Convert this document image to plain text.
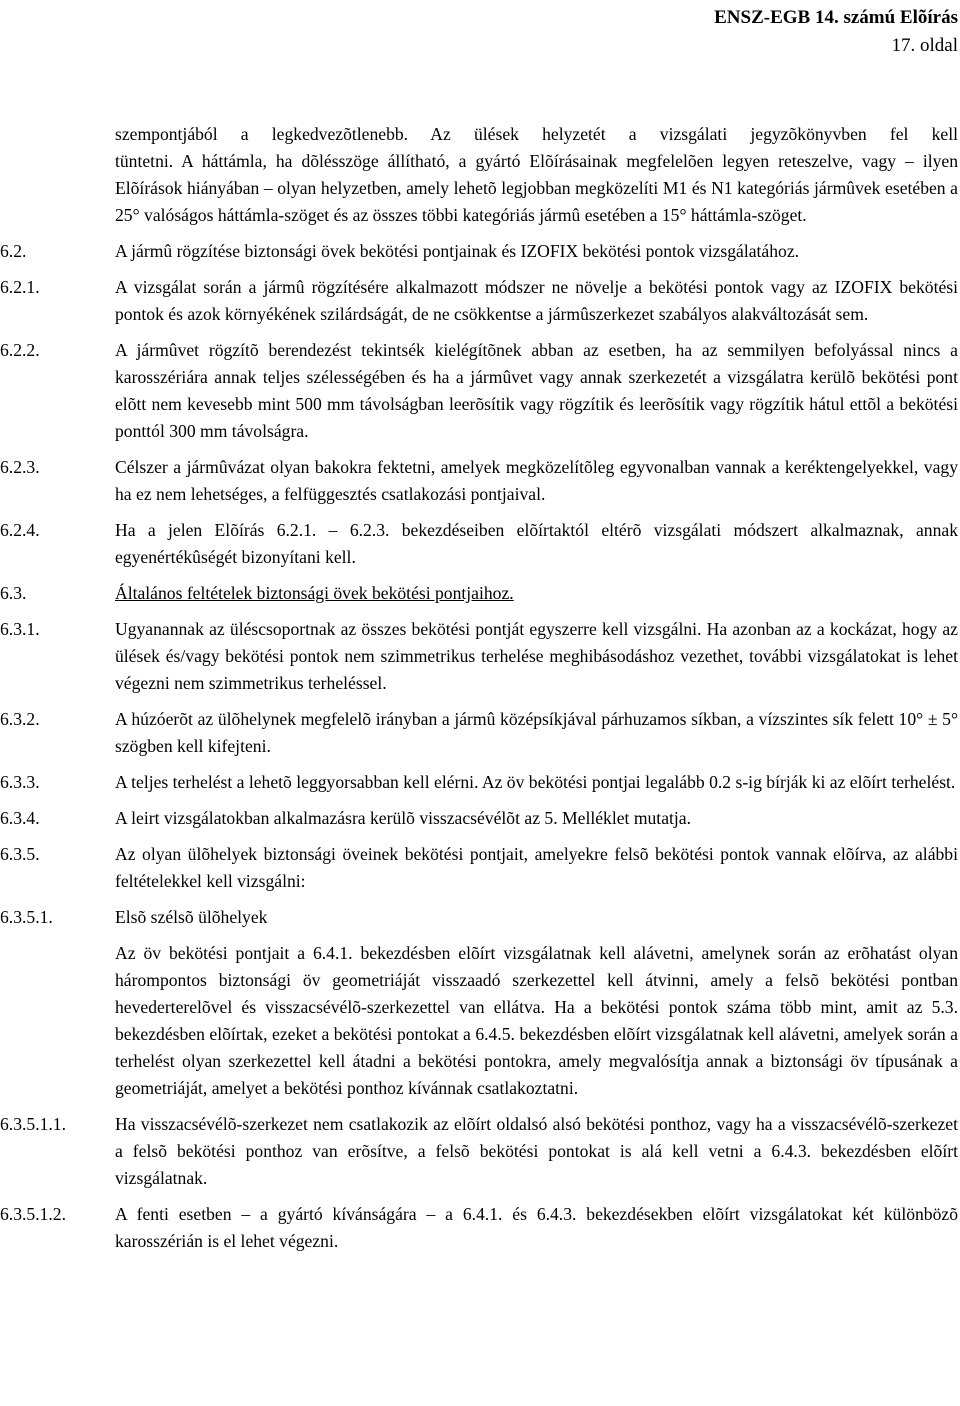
ENSZ-EGB 14. számú Elõírás
17. oldal
szempontjából a legkedvezõtlenebb. Az ülések helyzetét a vizsgálati jegyzõkönyvben fel kell
tüntetni. A háttámla, ha dõlésszöge állítható, a gyártó Elõírásainak megfelelõen legyen reteszelve, vagy – ilyen Elõírások hiányában – olyan helyzetben, amely lehetõ legjobban megközelíti M1 és N1 kategóriás jármûvek esetében a 25° valóságos háttámla-szöget és az összes többi kategóriás jármû esetében a 15° háttámla-szöget.
6.2.	A jármû rögzítése biztonsági övek bekötési pontjainak és IZOFIX bekötési pontok vizsgálatához.
6.2.1.	A vizsgálat során a jármû rögzítésére alkalmazott módszer ne növelje a bekötési pontok vagy az IZOFIX bekötési pontok és azok környékének szilárdságát, de ne csökkentse a jármûszerkezet szabályos alakváltozását sem.
6.2.2.	A jármûvet rögzítõ berendezést tekintsék kielégítõnek abban az esetben, ha az semmilyen befolyással nincs a karosszériára annak teljes szélességében és ha a jármûvet vagy annak szerkezetét a vizsgálatra kerülõ bekötési pont elõtt nem kevesebb mint 500 mm távolságban leerõsítik vagy rögzítik és leerõsítik vagy rögzítik hátul ettõl a bekötési ponttól 300 mm távolságra.
6.2.3.	Célszer a jármûvázat olyan bakokra fektetni, amelyek megközelítõleg egyvonalban vannak a keréktengelyekkel, vagy ha ez nem lehetséges, a felfüggesztés csatlakozási pontjaival.
6.2.4.	Ha a jelen Elõírás 6.2.1. – 6.2.3. bekezdéseiben elõírtaktól eltérõ vizsgálati módszert alkalmaznak, annak egyenértékûségét bizonyítani kell.
6.3.	Általános feltételek biztonsági övek bekötési pontjaihoz.
6.3.1.	Ugyanannak az üléscsoportnak az összes bekötési pontját egyszerre kell vizsgálni. Ha azonban az a kockázat, hogy az ülések és/vagy bekötési pontok nem szimmetrikus terhelése meghibásodáshoz vezethet, további vizsgálatokat is lehet végezni nem szimmetrikus terheléssel.
6.3.2.	A húzóerõt az ülõhelynek megfelelõ irányban a jármû középsíkjával párhuzamos síkban, a vízszintes sík felett 10° ± 5° szögben kell kifejteni.
6.3.3.	A teljes terhelést a lehetõ leggyorsabban kell elérni. Az öv bekötési pontjai legalább 0.2 s-ig bírják ki az elõírt terhelést.
6.3.4.	A leirt vizsgálatokban alkalmazásra kerülõ visszacsévélõt az 5. Melléklet mutatja.
6.3.5.	Az olyan ülõhelyek biztonsági öveinek bekötési pontjait, amelyekre felsõ bekötési pontok vannak elõírva, az alábbi feltételekkel kell vizsgálni:
6.3.5.1.	Elsõ szélsõ ülõhelyek
Az öv bekötési pontjait a 6.4.1. bekezdésben elõírt vizsgálatnak kell alávetni, amelynek során az erõhatást olyan hárompontos biztonsági öv geometriáját visszaadó szerkezettel kell átvinni, amely a felsõ bekötési pontban hevederterelõvel és visszacsévélõ-szerkezettel van ellátva. Ha a bekötési pontok száma több mint, amit az 5.3. bekezdésben elõírtak, ezeket a bekötési pontokat a 6.4.5. bekezdésben elõírt vizsgálatnak kell alávetni, amelyek során a terhelést olyan szerkezettel kell átadni a bekötési pontokra, amely megvalósítja annak a biztonsági öv típusának a geometriáját, amelyet a bekötési ponthoz kívánnak csatlakoztatni.
6.3.5.1.1.	Ha visszacsévélõ-szerkezet nem csatlakozik az elõírt oldalsó alsó bekötési ponthoz, vagy ha a visszacsévélõ-szerkezet a felsõ bekötési ponthoz van erõsítve, a felsõ bekötési pontokat is alá kell vetni a 6.4.3. bekezdésben elõírt vizsgálatnak.
6.3.5.1.2.	A fenti esetben – a gyártó kívánságára – a 6.4.1. és 6.4.3. bekezdésekben elõírt vizsgálatokat két különbözõ karosszérián is el lehet végezni.
